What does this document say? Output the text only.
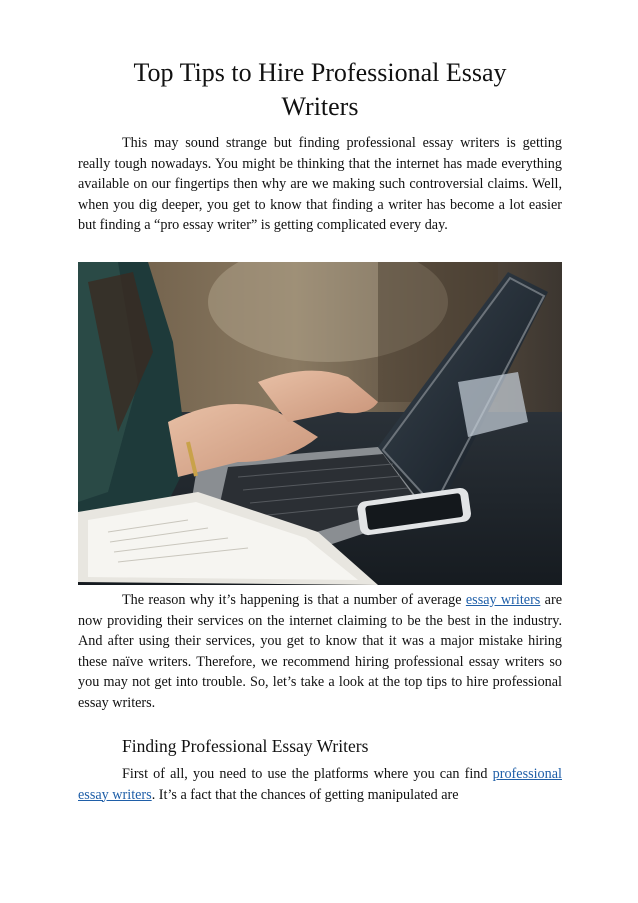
Top Tips to Hire Professional Essay
Writers

This may sound strange but finding professional essay writers is getting really tough nowadays. You might be thinking that the internet has made everything available on our fingertips then why are we making such controversial claims. Well, when you dig deeper, you get to know that finding a writer has become a lot easier but finding a “pro essay writer” is getting complicated every day.

The reason why it’s happening is that a number of average essay writers are now providing their services on the internet claiming to be the best in the industry. And after using their services, you get to know that it was a major mistake hiring these naïve writers. Therefore, we recommend hiring professional essay writers so you may not get into trouble. So, let’s take a look at the top tips to hire professional essay writers.

Finding Professional Essay Writers

First of all, you need to use the platforms where you can find professional essay writers. It’s a fact that the chances of getting manipulated are
